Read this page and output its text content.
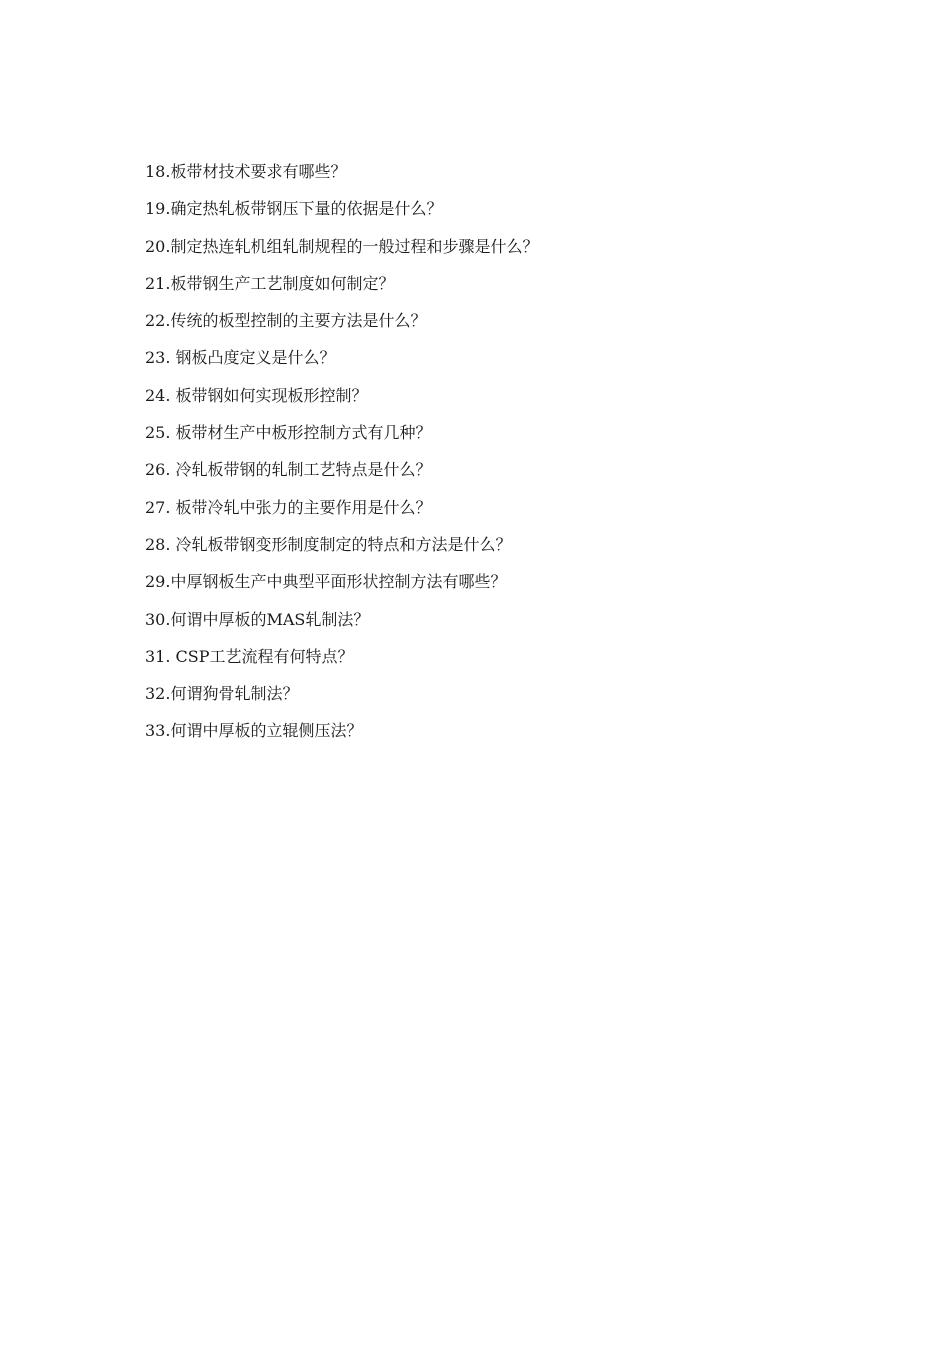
18.板带材技术要求有哪些？
19.确定热轧板带钢压下量的依据是什么？
20.制定热连轧机组轧制规程的一般过程和步骤是什么？
21.板带钢生产工艺制度如何制定？
22.传统的板型控制的主要方法是什么？
23. 钢板凸度定义是什么？
24. 板带钢如何实现板形控制？
25. 板带材生产中板形控制方式有几种？
26. 冷轧板带钢的轧制工艺特点是什么？
27. 板带冷轧中张力的主要作用是什么？
28. 冷轧板带钢变形制度制定的特点和方法是什么？
29.中厚钢板生产中典型平面形状控制方法有哪些？
30.何谓中厚板的MAS轧制法？
31. CSP工艺流程有何特点？
32.何谓狗骨轧制法？
33.何谓中厚板的立辊侧压法？
